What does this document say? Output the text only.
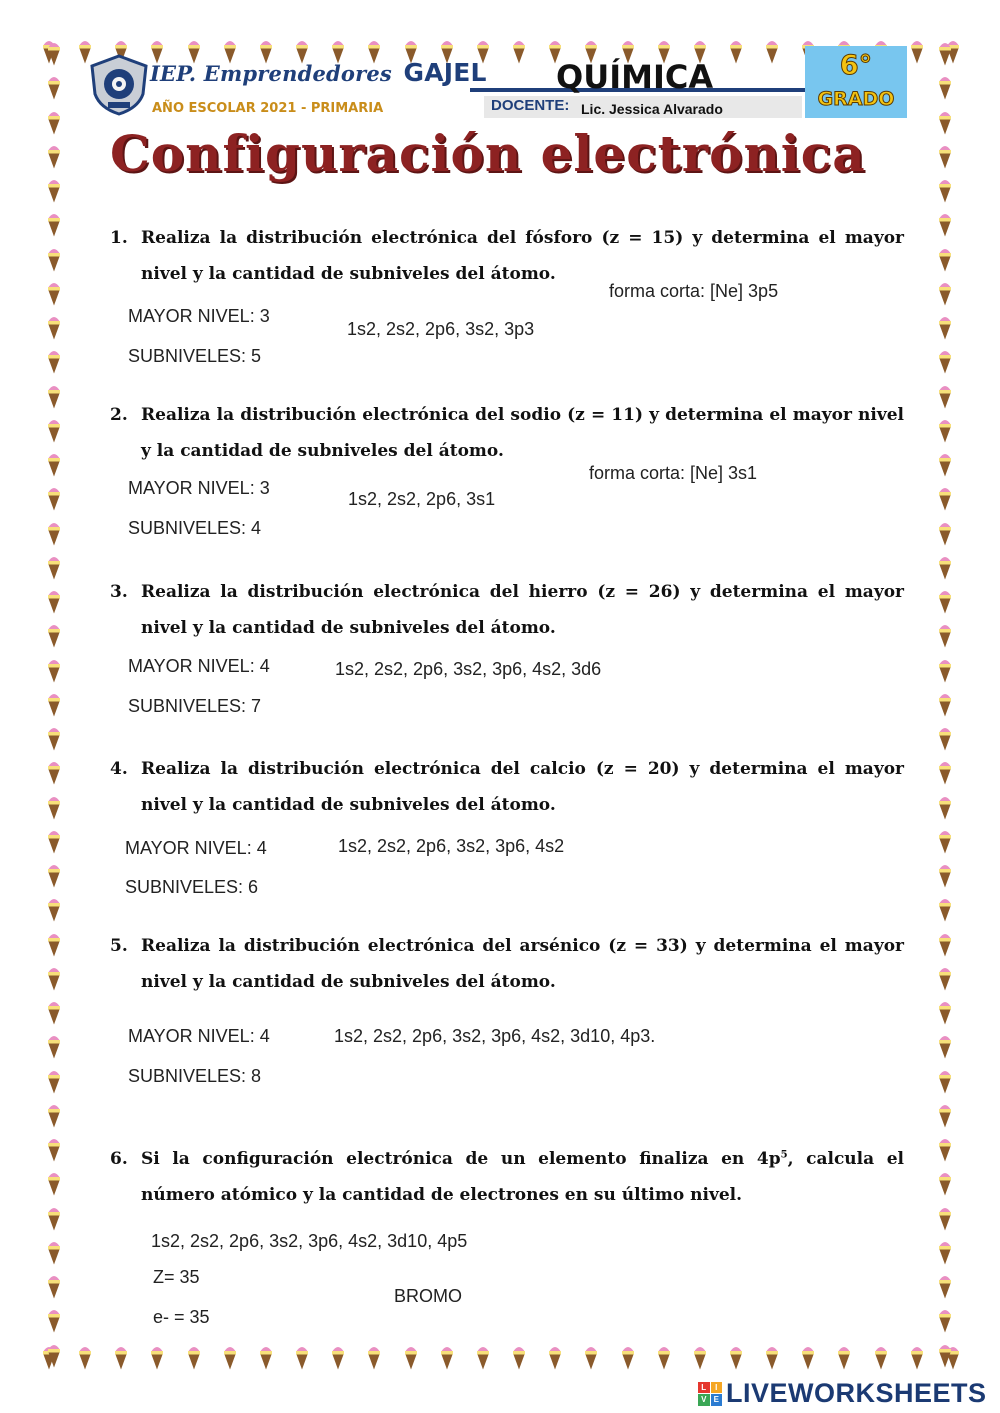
IEP. Emprendedores GAJEL
AÑO ESCOLAR 2021 - PRIMARIA
QUÍMICA
DOCENTE: Lic. Jessica Alvarado
6°
GRADO
Configuración electrónica
1. Realiza la distribución electrónica del fósforo (z = 15) y determina el mayor nivel y la cantidad de subniveles del átomo.
forma corta: [Ne] 3p5
MAYOR NIVEL: 3
1s2, 2s2, 2p6, 3s2, 3p3
SUBNIVELES: 5
2. Realiza la distribución electrónica del sodio (z = 11) y determina el mayor nivel y la cantidad de subniveles del átomo.
forma corta: [Ne] 3s1
MAYOR NIVEL: 3
1s2, 2s2, 2p6, 3s1
SUBNIVELES: 4
3. Realiza la distribución electrónica del hierro (z = 26) y determina el mayor nivel y la cantidad de subniveles del átomo.
MAYOR NIVEL: 4	1s2, 2s2, 2p6, 3s2, 3p6, 4s2, 3d6
SUBNIVELES: 7
4. Realiza la distribución electrónica del calcio (z = 20) y determina el mayor nivel y la cantidad de subniveles del átomo.
MAYOR NIVEL: 4	1s2, 2s2, 2p6, 3s2, 3p6, 4s2
SUBNIVELES: 6
5. Realiza la distribución electrónica del arsénico (z = 33) y determina el mayor nivel y la cantidad de subniveles del átomo.
MAYOR NIVEL: 4	1s2, 2s2, 2p6, 3s2, 3p6, 4s2, 3d10, 4p3.
SUBNIVELES: 8
6. Si la configuración electrónica de un elemento finaliza en $4p^5$, calcula el número atómico y la cantidad de electrones en su último nivel.
1s2, 2s2, 2p6, 3s2, 3p6, 4s2, 3d10, 4p5
Z= 35
BROMO
e- = 35
L	I
V E LIVEWORKSHEETS
